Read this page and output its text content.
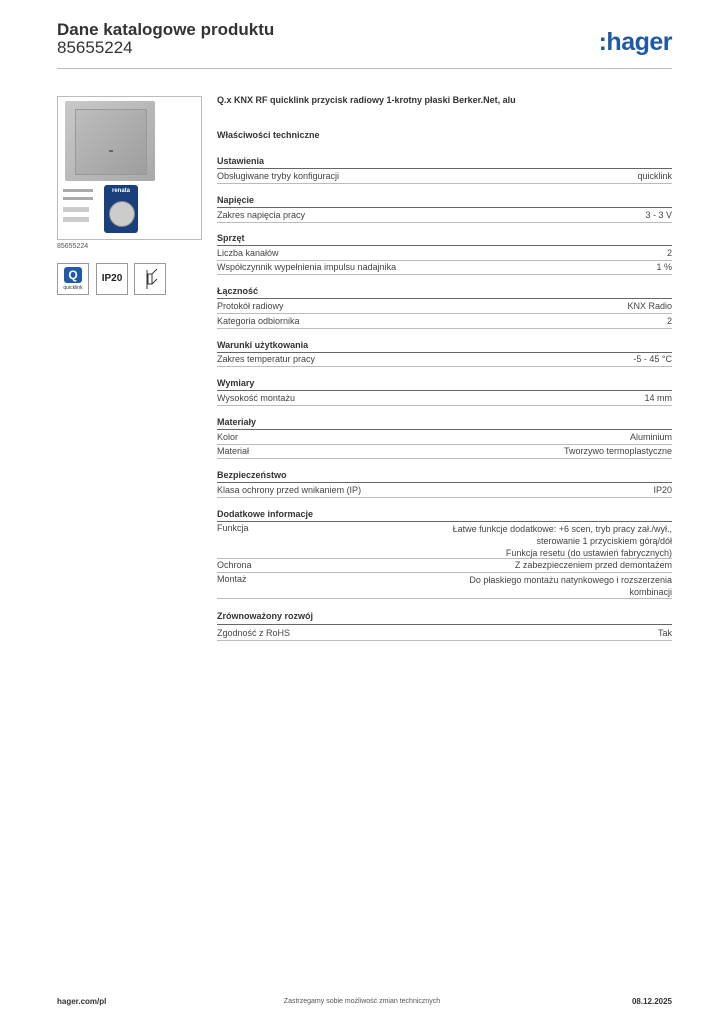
Dane katalogowe produktu
85655224	:hager
renata
85655224
Q
quicklink
IP20
Q.x KNX RF quicklink przycisk radiowy 1-krotny płaski Berker.Net, alu
Właściwości techniczne
Ustawienia
Obsługiwane tryby konfiguracji	quicklink
Napięcie
Zakres napięcia pracy	3 - 3 V
Sprzęt
Liczba kanałów	2
Współczynnik wypełnienia impulsu nadajnika	1 %
Łączność
Protokół radiowy	KNX Radio
Kategoria odbiornika	2
Warunki użytkowania
Zakres temperatur pracy	-5 - 45 °C
Wymiary
Wysokość montażu	14 mm
Materiały
Kolor	Aluminium
Materiał	Tworzywo termoplastyczne
Bezpieczeństwo
Klasa ochrony przed wnikaniem (IP)	IP20
Dodatkowe informacje
Funkcja	Łatwe funkcje dodatkowe: +6 scen, tryb pracy zał./wył.,
sterowanie 1 przyciskiem górą/dół
Funkcja resetu (do ustawień fabrycznych)
Ochrona	Z zabezpieczeniem przed demontażem
Montaż	Do płaskiego montażu natynkowego i rozszerzenia
kombinacji
Zrównoważony rozwój
Zgodność z RoHS	Tak
hager.com/pl	Zastrzegamy sobie możliwość zmian technicznych	08.12.2025
